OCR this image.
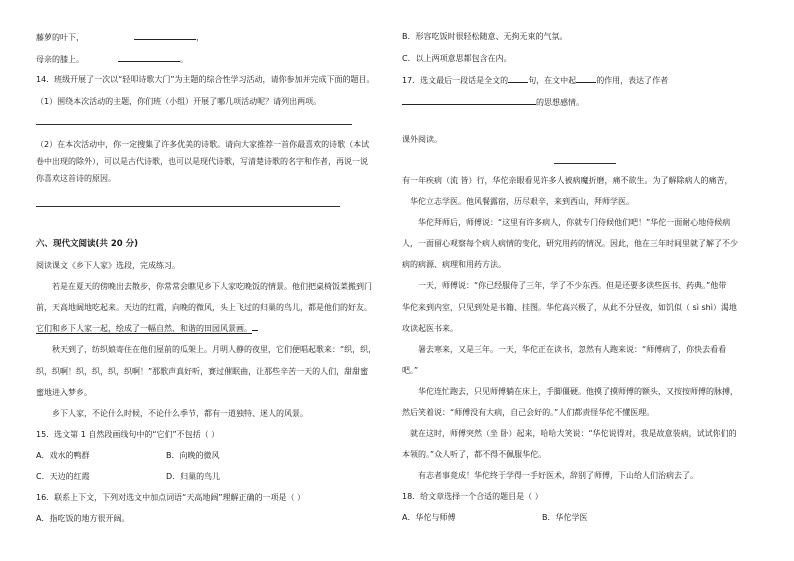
藤萝的叶下，	，
母亲的膝上。	。
14．班级开展了一次以“轻叩诗歌大门”为主题的综合性学习活动，请你参加并完成下面的题目。
（1）围绕本次活动的主题，你们班（小组）开展了哪几项活动呢？请列出两项。
（2）在本次活动中，你一定搜集了许多优美的诗歌。请向大家推荐一首你最喜欢的诗歌（本试
卷中出现的除外），可以是古代诗歌，也可以是现代诗歌，写清楚诗歌的名字和作者，再说一说
你喜欢这首诗的原因。
六、现代文阅读(共 20 分)
阅读课文《乡下人家》选段，完成练习。
若是在夏天的傍晚出去散步，你常常会瞧见乡下人家吃晚饭的情景。他们把桌椅饭菜搬到门
前，天高地阔地吃起来。天边的红霞，向晚的微风，头上飞过的归巢的鸟儿，都是他们的好友。
它们和乡下人家一起，绘成了一幅自然、和谐的田园风景画。
秋天到了，纺织娘寄住在他们屋前的瓜架上。月明人静的夜里，它们便唱起歌来：“织，织，
织，织啊！织，织，织，织啊！”那歌声真好听，赛过催眠曲，让那些辛苦一天的人们，甜甜蜜
蜜地进入梦乡。
乡下人家，不论什么时候，不论什么季节，都有一道独特、迷人的风景。
15．选文第 1 自然段画线句中的“它们”不包括（ ）
A．戏水的鸭群	B．向晚的微风
C．天边的红霞	D．归巢的鸟儿
16．联系上下文，下列对选文中加点词语“天高地阔”理解正确的一项是（ ）
A．指吃饭的地方很开阔。
B．形容吃饭时很轻松随意、无拘无束的气氛。
C．以上两项意思都包含在内。
17．选文最后一段话是全文的	句，在文中起	的作用，表达了作者
的思想感情。
课外阅读。
有一年疾病（流 皆）行，华佗亲眼看见许多人被病魔折磨，痛不欲生。为了解除病人的痛苦，
华佗立志学医。他风餐露宿，历尽艰辛，来到西山，拜师学医。
华佗拜师后，师傅说：“这里有许多病人，你就专门侍候他们吧！”华佗一面耐心地侍候病
人，一面留心观察每个病人病情的变化，研究用药的情况。因此，他在三年时间里就了解了不少
病的病源、病理和用药方法。
一天，师傅说：“你已经服侍了三年，学了不少东西。但是还要多读些医书、药典。”他带
华佗来到内室，只见到处是书籍、挂图。华佗高兴极了，从此不分昼夜，如饥似（ sì shì）渴地
攻读起医书来。
暑去寒来，又是三年。一天，华佗正在读书，忽然有人跑来说：“师傅病了，你快去看看
吧。”
华佗连忙跑去，只见师傅躺在床上，手脚僵硬。他摸了摸师傅的额头，又按按师傅的脉搏，
然后笑着说：“师傅没有大病，自己会好的。”人们都责怪华佗不懂医理。
就在这时，师傅突然（坐 卧）起来，哈哈大笑说：“华佗说得对，我是故意装病，试试你们的
本领的。”众人听了，都不得不佩服华佗。
有志者事竟成！华佗终于学得一手好医术，辞别了师傅，下山给人们治病去了。
18．给文章选择一个合适的题目是（ ）
A．华佗与师傅	B．华佗学医
